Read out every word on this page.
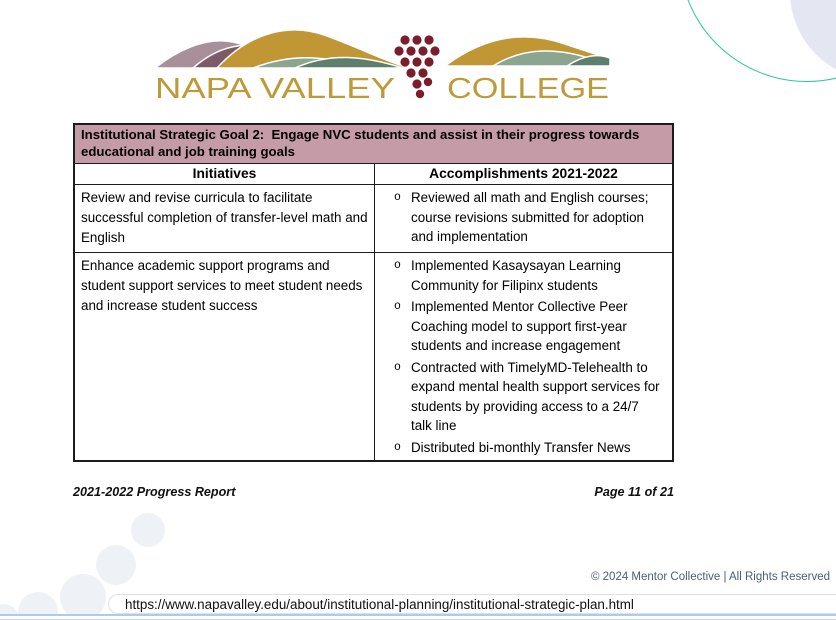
NAPA VALLEY COLLEGE
Institutional Strategic Goal 2:  Engage NVC students and assist in their progress towards
educational and job training goals
Initiatives	Accomplishments 2021-2022
Review and revise curricula to facilitate successful completion of transfer-level math and English
o Reviewed all math and English courses; course revisions submitted for adoption and implementation
Enhance academic support programs and student support services to meet student needs and increase student success
o Implemented Kasaysayan Learning Community for Filipinx students
o Implemented Mentor Collective Peer Coaching model to support first-year students and increase engagement
o Contracted with TimelyMD-Telehealth to expand mental health support services for students by providing access to a 24/7 talk line
o Distributed bi-monthly Transfer News
2021-2022 Progress Report	Page 11 of 21
© 2024 Mentor Collective | All Rights Reserved
https://www.napavalley.edu/about/institutional-planning/institutional-strategic-plan.html
